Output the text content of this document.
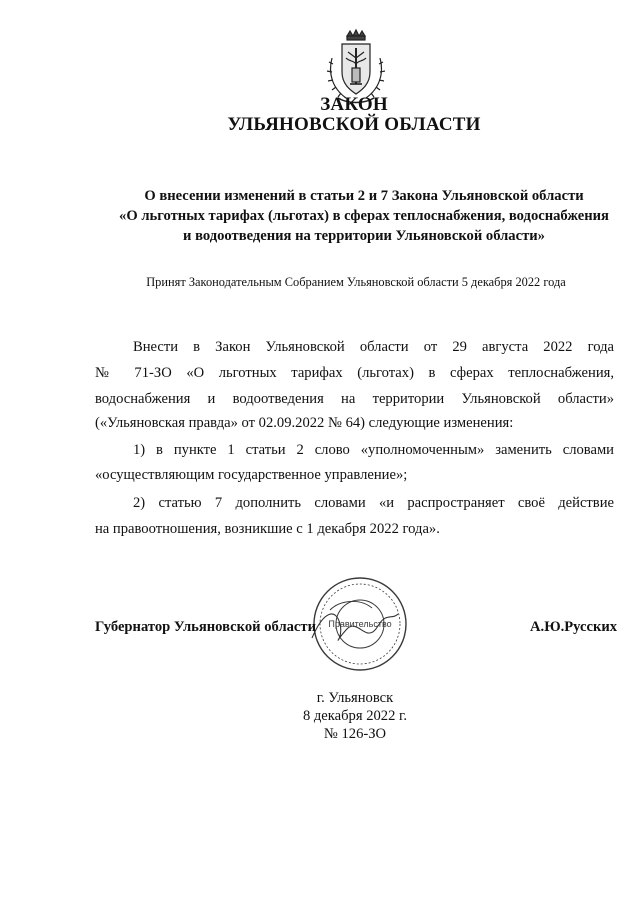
ЗАКОН
УЛЬЯНОВСКОЙ ОБЛАСТИ
О внесении изменений в статьи 2 и 7 Закона Ульяновской области
«О льготных тарифах (льготах) в сферах теплоснабжения, водоснабжения
и водоотведения на территории Ульяновской области»
Принят Законодательным Собранием Ульяновской области 5 декабря 2022 года
Внести в Закон Ульяновской области от 29 августа 2022 года
№ 71-ЗО «О льготных тарифах (льготах) в сферах теплоснабжения,
водоснабжения и водоотведения на территории Ульяновской области»
(«Ульяновская правда» от 02.09.2022 № 64) следующие изменения:
1) в пункте 1 статьи 2 слово «уполномоченным» заменить словами
«осуществляющим государственное управление»;
2) статью 7 дополнить словами «и распространяет своё действие
на правоотношения, возникшие с 1 декабря 2022 года».
Правительство
Губернатор Ульяновской области	А.Ю.Русских
г. Ульяновск
8 декабря 2022 г.
№ 126-ЗО
